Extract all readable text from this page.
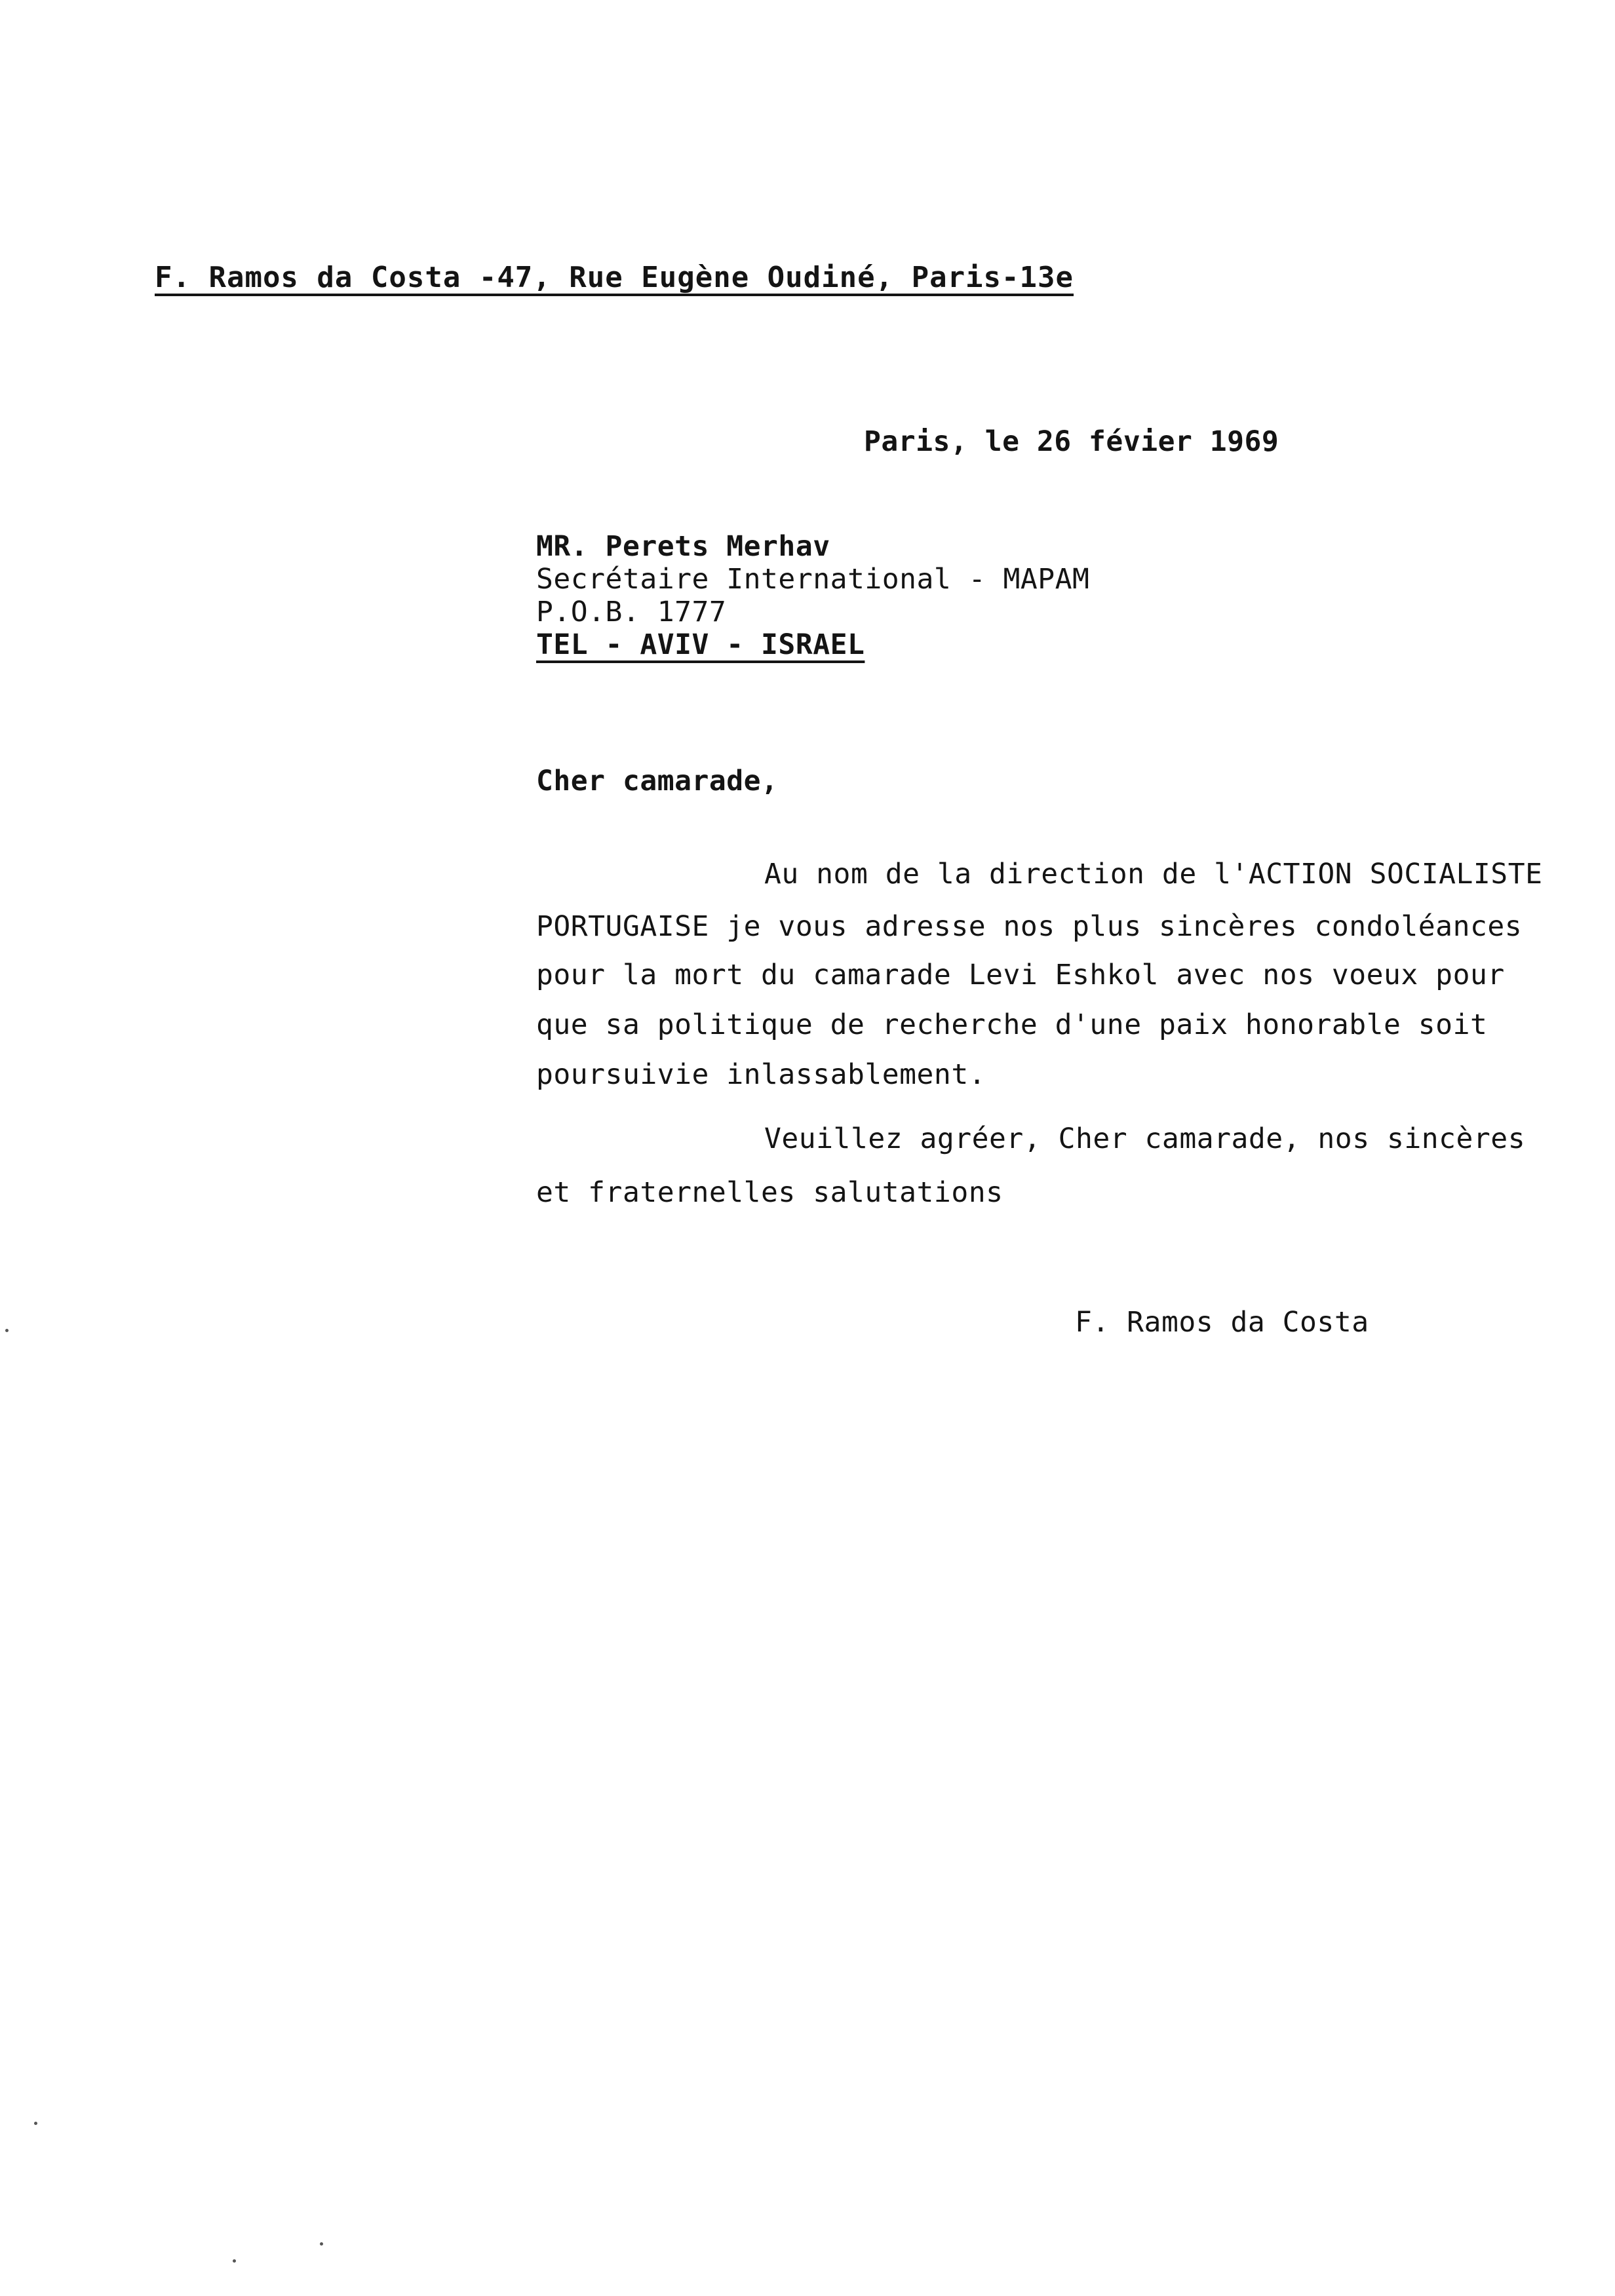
F. Ramos da Costa -47, Rue Eugène Oudiné, Paris-13e
Paris, le 26 févier 1969
MR. Perets Merhav
Secrétaire International - MAPAM
P.O.B. 1777
TEL - AVIV - ISRAEL
Cher camarade,
Au nom de la direction de l'ACTION SOCIALISTE
PORTUGAISE je vous adresse nos plus sincères condoléances
pour la mort du camarade Levi Eshkol avec nos voeux pour
que sa politique de recherche d'une paix honorable soit
poursuivie inlassablement.
Veuillez agréer, Cher camarade, nos sincères
et fraternelles salutations
F. Ramos da Costa
